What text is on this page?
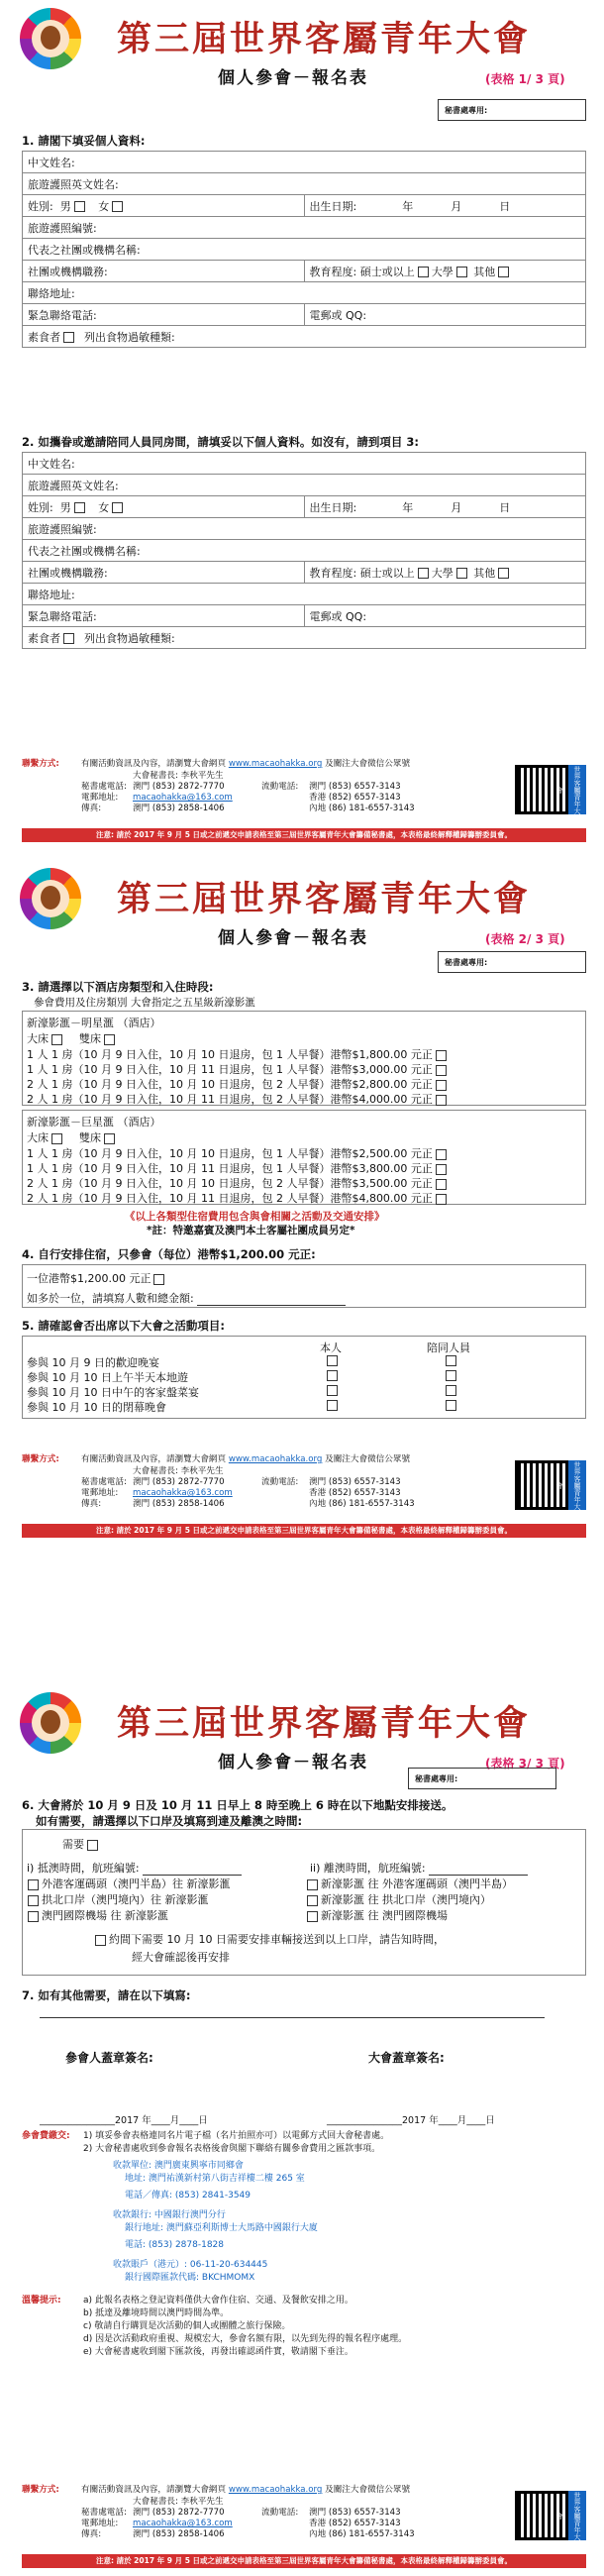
第三屆世界客屬青年大會
個人參會－報名表	(表格 1/ 3 頁)
秘書處專用:
1. 請閣下填妥個人資料:
中文姓名:	
旅遊護照英文姓名:	
姓別: 男 女	出生日期: 年 月 日
旅遊護照編號:	
代表之社團或機構名稱:	
社團或機構職務:	教育程度: 碩士或以上 大學 其他
聯絡地址:	
緊急聯絡電話:	電郵或 QQ:
素食者 列出食物過敏種類:	
2. 如攜眷或邀請陪同人員同房間，請填妥以下個人資料。如沒有，請到項目 3:
中文姓名:	
旅遊護照英文姓名:	
姓別: 男 女	出生日期: 年 月 日
旅遊護照編號:	
代表之社團或機構名稱:	
社團或機構職務:	教育程度: 碩士或以上 大學 其他
聯絡地址:	
緊急聯絡電話:	電郵或 QQ:
素食者 列出食物過敏種類:	
聯繫方式:	有關活動資訊及內容，請瀏覽大會網頁 www.macaohakka.org 及關注大會微信公眾號
大會秘書長: 李秋平先生
秘書處電話: 澳門 (853) 2872-7770	流動電話: 澳門 (853) 6557-3143
電郵地址: macaohakka@163.com	香港 (852) 6557-3143
傳真:	澳門 (853) 2858-1406	內地 (86) 181-6557-3143	世界客屬青年大會
注意: 請於 2017 年 9 月 5 日或之前遞交申請表格至第三屆世界客屬青年大會籌備秘書處，本表格最終解釋權歸籌辦委員會。
第三屆世界客屬青年大會
個人參會－報名表	(表格 2/ 3 頁)
秘書處專用:
3. 請選擇以下酒店房類型和入住時段:
參會費用及住房類別 大會指定之五星級新濠影滙
新濠影滙－明星滙 （酒店）
大床	雙床
1 人 1 房（10 月 9 日入住，10 月 10 日退房，包 1 人早餐）港幣$1,800.00 元正
1 人 1 房（10 月 9 日入住，10 月 11 日退房，包 1 人早餐）港幣$3,000.00 元正
2 人 1 房（10 月 9 日入住，10 月 10 日退房，包 2 人早餐）港幣$2,800.00 元正
2 人 1 房（10 月 9 日入住，10 月 11 日退房，包 2 人早餐）港幣$4,000.00 元正
新濠影滙－巨星滙 （酒店）
大床	雙床
1 人 1 房（10 月 9 日入住，10 月 10 日退房，包 1 人早餐）港幣$2,500.00 元正
1 人 1 房（10 月 9 日入住，10 月 11 日退房，包 1 人早餐）港幣$3,800.00 元正
2 人 1 房（10 月 9 日入住，10 月 10 日退房，包 2 人早餐）港幣$3,500.00 元正
2 人 1 房（10 月 9 日入住，10 月 11 日退房，包 2 人早餐）港幣$4,800.00 元正
《以上各類型住宿費用包含與會相關之活動及交通安排》
*註：特邀嘉賓及澳門本土客屬社團成員另定*
4. 自行安排住宿，只參會（每位）港幣$1,200.00 元正:
一位港幣$1,200.00 元正
如多於一位，請填寫人數和總金額:
5. 請確認會否出席以下大會之活動項目:
本人	陪同人員
參與 10 月 9 日的歡迎晚宴
參與 10 月 10 日上午半天本地遊
參與 10 月 10 日中午的客家盤菜宴
參與 10 月 10 日的閉幕晚會
聯繫方式:	有關活動資訊及內容，請瀏覽大會網頁 www.macaohakka.org 及關注大會微信公眾號
大會秘書長: 李秋平先生
秘書處電話: 澳門 (853) 2872-7770	流動電話: 澳門 (853) 6557-3143
電郵地址: macaohakka@163.com	香港 (852) 6557-3143
傳真:	澳門 (853) 2858-1406	內地 (86) 181-6557-3143	世界客屬青年大會
注意: 請於 2017 年 9 月 5 日或之前遞交申請表格至第三屆世界客屬青年大會籌備秘書處，本表格最終解釋權歸籌辦委員會。
第三屆世界客屬青年大會
個人參會－報名表	(表格 3/ 3 頁)
秘書處專用:
6. 大會將於 10 月 9 日及 10 月 11 日早上 8 時至晚上 6 時在以下地點安排接送。
如有需要，請選擇以下口岸及填寫到達及離澳之時間:
需要
i) 抵澳時間，航班編號:	ii) 離澳時間，航班編號:
外港客運碼頭（澳門半島）往 新濠影滙
拱北口岸（澳門境內）往 新濠影滙
澳門國際機場 往 新濠影滙
新濠影滙 往 外港客運碼頭（澳門半島）
新濠影滙 往 拱北口岸（澳門境內）
新濠影滙 往 澳門國際機場
約間下需要 10 月 10 日需要安排車輛接送到以上口岸，請告知時間，
經大會確認後再安排
7. 如有其他需要，請在以下填寫:
參會人蓋章簽名:	大會蓋章簽名:
________________2017 年____月____日	________________2017 年____月____日
參會費繳交: 1) 填妥參會表格連同名片電子檔（名片拍照亦可）以電郵方式回大會秘書處。
2) 大會秘書處收到參會報名表格後會與閣下聯絡有關參會費用之匯款事項。
收款單位: 澳門廣東興寧市同鄉會
地址: 澳門祐漢新村第八街吉祥樓二樓 265 室
電話／傳真: (853) 2841-3549
收款銀行: 中國銀行澳門分行
銀行地址: 澳門蘇亞利斯博士大馬路中國銀行大廈
電話: (853) 2878-1828
收款賬戶（港元）: 06-11-20-634445
銀行國際匯款代碼: BKCHMOMX
溫馨提示: a) 此報名表格之登記資料僅供大會作住宿、交通、及餐飲安排之用。
b) 抵達及離境時間以澳門時間為準。
c) 敬請自行購買是次活動的個人或團體之旅行保險。
d) 因是次活動政府重視、規模宏大，參會名額有限，以先到先得的報名程序處理。
e) 大會秘書處收到閣下匯款後，再發出確認函件實，敬請閣下垂注。
聯繫方式:	有關活動資訊及內容，請瀏覽大會網頁 www.macaohakka.org 及關注大會微信公眾號
大會秘書長: 李秋平先生
秘書處電話: 澳門 (853) 2872-7770	流動電話: 澳門 (853) 6557-3143
電郵地址: macaohakka@163.com	香港 (852) 6557-3143
傳真:	澳門 (853) 2858-1406	內地 (86) 181-6557-3143	世界客屬青年大會
注意: 請於 2017 年 9 月 5 日或之前遞交申請表格至第三屆世界客屬青年大會籌備秘書處，本表格最終解釋權歸籌辦委員會。
